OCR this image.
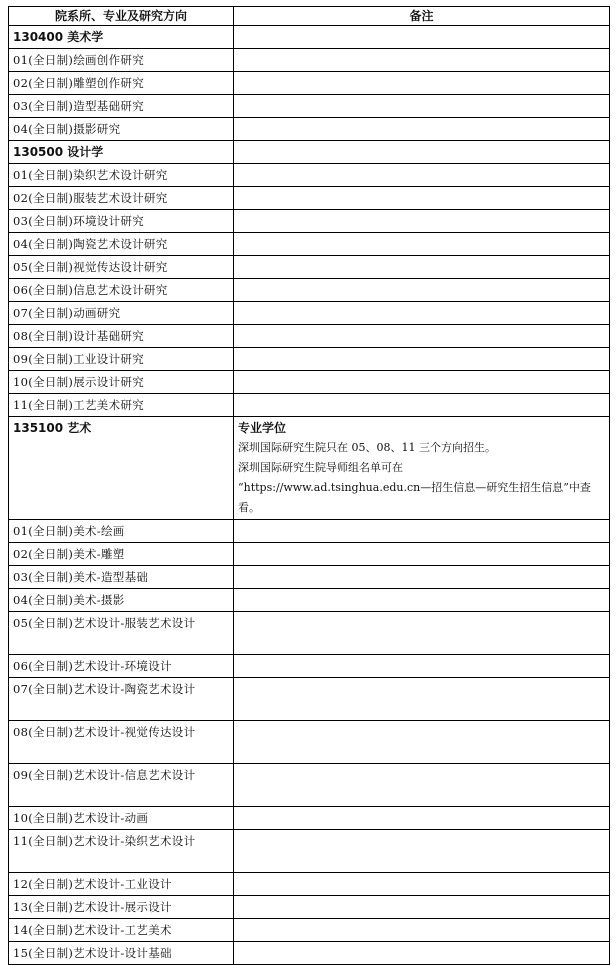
院系所、专业及研究方向	备注
130400 美术学	
01(全日制)绘画创作研究	
02(全日制)雕塑创作研究	
03(全日制)造型基础研究	
04(全日制)摄影研究	
130500 设计学	
01(全日制)染织艺术设计研究	
02(全日制)服装艺术设计研究	
03(全日制)环境设计研究	
04(全日制)陶瓷艺术设计研究	
05(全日制)视觉传达设计研究	
06(全日制)信息艺术设计研究	
07(全日制)动画研究	
08(全日制)设计基础研究	
09(全日制)工业设计研究	
10(全日制)展示设计研究	
11(全日制)工艺美术研究	
135100 艺术	专业学位
深圳国际研究生院只在 05、08、11 三个方向招生。
深圳国际研究生院导师组名单可在
“https://www.ad.tsinghua.edu.cn—招生信息—研究生招生信息”中查看。

01(全日制)美术-绘画	
02(全日制)美术-雕塑	
03(全日制)美术-造型基础	
04(全日制)美术-摄影	
05(全日制)艺术设计-服装艺术设计	
06(全日制)艺术设计-环境设计	
07(全日制)艺术设计-陶瓷艺术设计	
08(全日制)艺术设计-视觉传达设计	
09(全日制)艺术设计-信息艺术设计	
10(全日制)艺术设计-动画	
11(全日制)艺术设计-染织艺术设计	
12(全日制)艺术设计-工业设计	
13(全日制)艺术设计-展示设计	
14(全日制)艺术设计-工艺美术	
15(全日制)艺术设计-设计基础	
